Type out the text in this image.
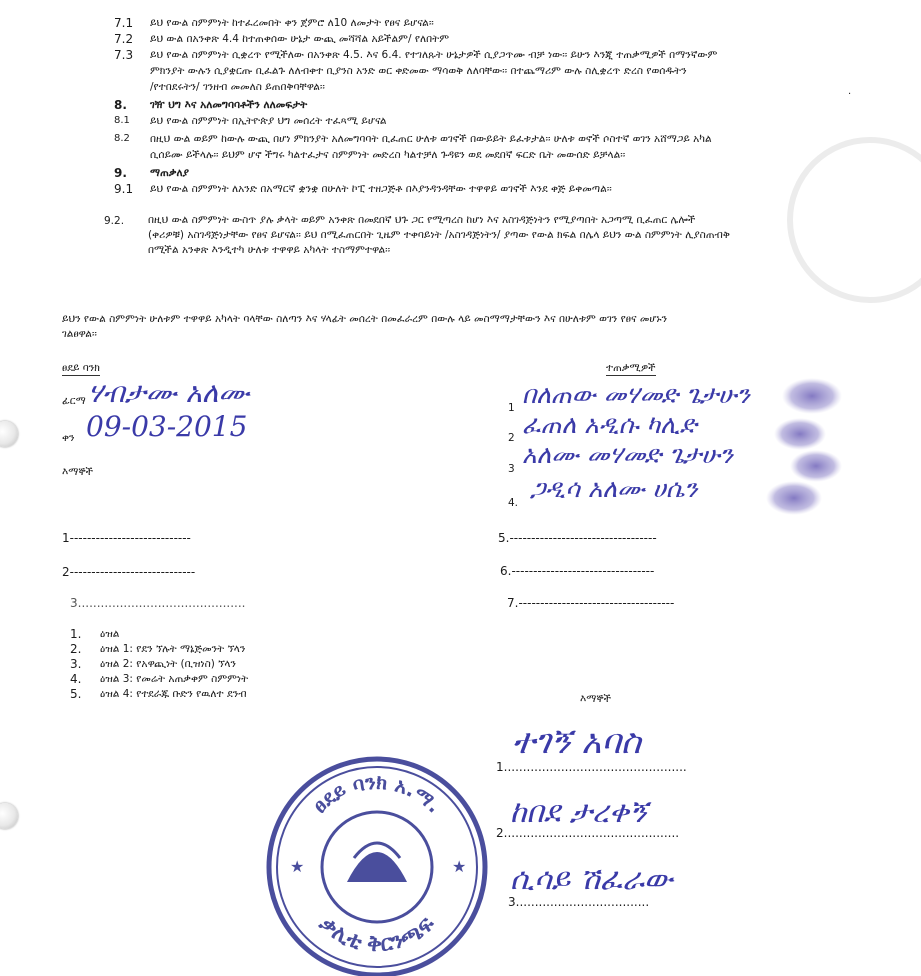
7.1 ይህ የውል ስምምነት ከተፈረመበት ቀን ጀምሮ ለ10 ለመታት የፀና ይሆናል፡፡
7.2 ይህ ውል በአንቀጽ 4.4 ከተጠቀሰው ሁኔታ ውጪ መሻሻል አይችልም/ የለበትም
7.3 ይህ የውል ስምምነት ሲቋረጥ የሚችለው በአንቀጽ 4.5. እና 6.4. የተገለጹት ሁኔታዎች ሲያጋጥሙ ብቻ ነው፡፡ ይሁን እንጂ ተጠቃሚዎች በማንኛውም
ምክንያት ውሉን ሲያቋርጡ ቢፈልጉ ለለብቀተ ቢያንስ አንድ ወር ቀድመው ማሳወቅ ለለባቸው፡፡ በተጨማሪም ውሉ ስሊቋረጥ ድረስ የወሰዱትን
/የተበደሩትን/ ገንዘብ መመለስ ይጠበቅባቸዋል፡፡
8. ገዥ ህግ እና አለመግባባቶችን ለለመፍታት
8.1 ይህ የውል ስምምነት በኢትዮጵያ ህግ መሰረት ተፈጻሚ ይሆናል
8.2 በዚህ ውል ወይም ከውሉ ውጪ በሆነ ምክንያት አለመግባባት ቢፈጠር ሁለቱ ወገኖች በውይይት ይፈቱታል፡፡ ሁለቱ ወኖች ሶስተኛ ወገን አሸማጋይ አካል
ሲሰይሙ ይችላሉ፡፡ ይህም ሆኖ ችግሩ ካልተፈታና ስምምነት መድረስ ካልተቻለ ጉዳዩን ወደ መደበኛ ፍርድ ቤት መውሰድ ይቻላል፡፡
9. ማጠቃለያ
9.1 ይህ የውል ስምምነት ለአንድ በአማርኛ ቋንቋ በሁለት ኮፒ ተዘጋጅቶ በእያንዳንዳቸው ተዋዋይ ወገኖች እንደ ቀጅ ይቀመጣል፡፡
9.2. በዚህ ውል ስምምነት ውስጥ ያሉ ቃላት ወይም አንቀጽ በመደበኛ ህጉ ጋር የሚጣረስ ከሆነ እና አስገዳጅነትን የሚያጣበት አጋጣሚ ቢፈጠር ሌሎች
(ቀሪዎቹ) አስገዳጅነታቸው የፀና ይሆናል፡፡ ይህ በሚፈጠርበት ጊዜም ተቀባይነት /አስገዳጅነትን/ ያጣው የውል ክፍል በሌላ ይህን ውል ስምምነት ሊያስጠብቅ
በሚችል አንቀጽ እንዲተካ ሁለቱ ተዋዋይ አካላት ተስማምተዋል፡፡
ይህን የውል ስምምነት ሁለቱም ተዋዋይ አካላት ባላቸው ስለጣን እና ሃላፊት መሰረት በመፈራረም በውሉ ላይ መስማማታቸውን እና በሁለቱም ወገን የፀና መሆኑን
ገልፀዋል፡፡
ፀደይ ባንክ
ፊርማ ሃብታሙ አለሙ
ቀን 09-03-2015
እማኞች
ተጠቃሚዎች
1 በለጠው መሃመድ ጌታሁን
2 ፈጠለ አዲሱ ካሊድ
3 አለሙ መሃመድ ጌታሁን
4. ጋዲሳ አለሙ ሀሴን
1----------------------------
2-----------------------------
3............................................
5.----------------------------------
6.---------------------------------
7.------------------------------------
1. ዕዝል
2. ዕዝል 1: የደን ኘሉት ማኔጅመንት ኘላን
3. ዕዝል 2: የአዋጪነት (ቢዝነስ) ኘላን
4. ዕዝል 3: የመሬት አጠቃቀም ስምምነት
5. ዕዝል 4: የተደራጁ ቡድን የዉለተ ደንብ	እማኞች
1................................................
ተገኝ አባስ
2..............................................
ከበደ ታረቀኝ
3...................................
ሲሳይ ሽፈራው
ፀደይ ባንክ አ.ማ.
ቃሊቲ ቅርንጫፍ
★	★
.
